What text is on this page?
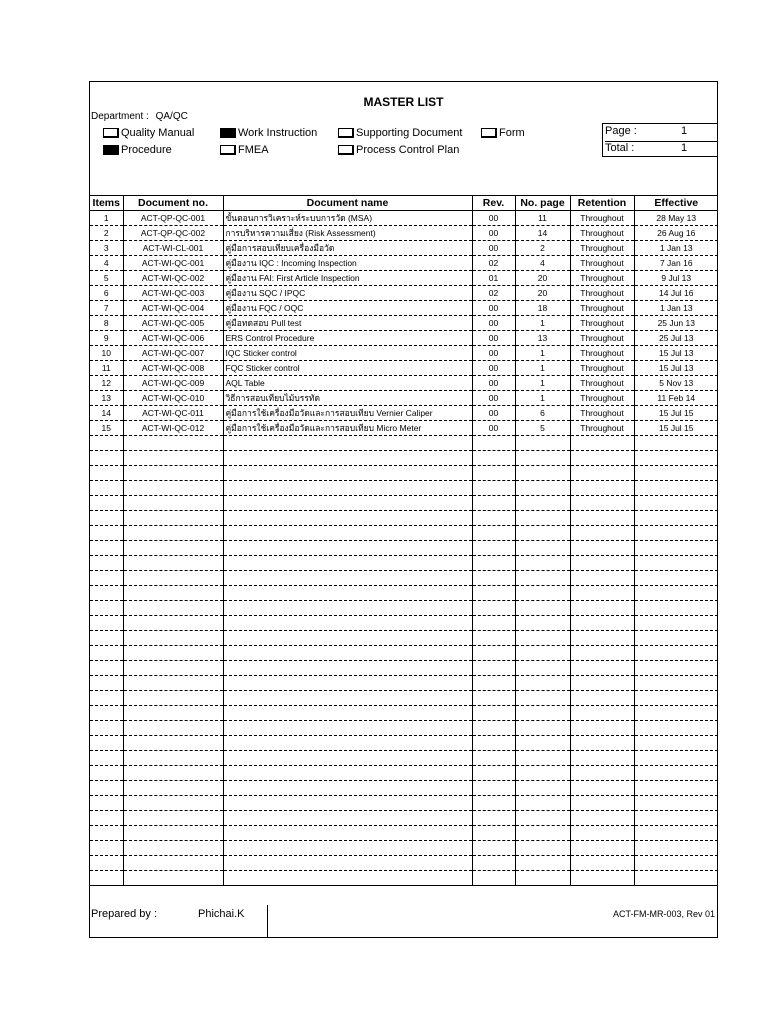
MASTER LIST
Department : QA/QC
Quality Manual	Work Instruction	Supporting Document	Form
Procedure	FMEA	Process Control Plan
Page :	1
Total :	1
Items	Document no.	Document name	Rev.	No. page	Retention	Effective
1	ACT-QP-QC-001	ขั้นตอนการวิเคราะห์ระบบการวัด (MSA)	00	11	Throughout	28 May 13
2	ACT-QP-QC-002	การบริหารความเสี่ยง (Risk Assessment)	00	14	Throughout	26 Aug 16
3	ACT-WI-CL-001	คู่มือการสอบเทียบเครื่องมือวัด	00	2	Throughout	1 Jan 13
4	ACT-WI-QC-001	คู่มืองาน IQC : Incoming Inspection	02	4	Throughout	7 Jan 16
5	ACT-WI-QC-002	คู่มืองาน FAI: First Article Inspection	01	20	Throughout	9 Jul 13
6	ACT-WI-QC-003	คู่มืองาน SQC / IPQC	02	20	Throughout	14 Jul 16
7	ACT-WI-QC-004	คู่มืองาน FQC / OQC	00	18	Throughout	1 Jan 13
8	ACT-WI-QC-005	คู่มือทดสอบ Pull test	00	1	Throughout	25 Jun 13
9	ACT-WI-QC-006	ERS Control Procedure	00	13	Throughout	25 Jul 13
10	ACT-WI-QC-007	IQC Sticker control	00	1	Throughout	15 Jul 13
11	ACT-WI-QC-008	FQC Sticker control	00	1	Throughout	15 Jul 13
12	ACT-WI-QC-009	AQL Table	00	1	Throughout	5 Nov 13
13	ACT-WI-QC-010	วิธีการสอบเทียบไม้บรรทัด	00	1	Throughout	11 Feb 14
14	ACT-WI-QC-011	คู่มือการใช้เครื่องมือวัดและการสอบเทียบ Vernier Caliper	00	6	Throughout	15 Jul 15
15	ACT-WI-QC-012	คู่มือการใช้เครื่องมือวัดและการสอบเทียบ Micro Meter	00	5	Throughout	15 Jul 15

Prepared by :	Phichai.K	ACT-FM-MR-003, Rev 01
